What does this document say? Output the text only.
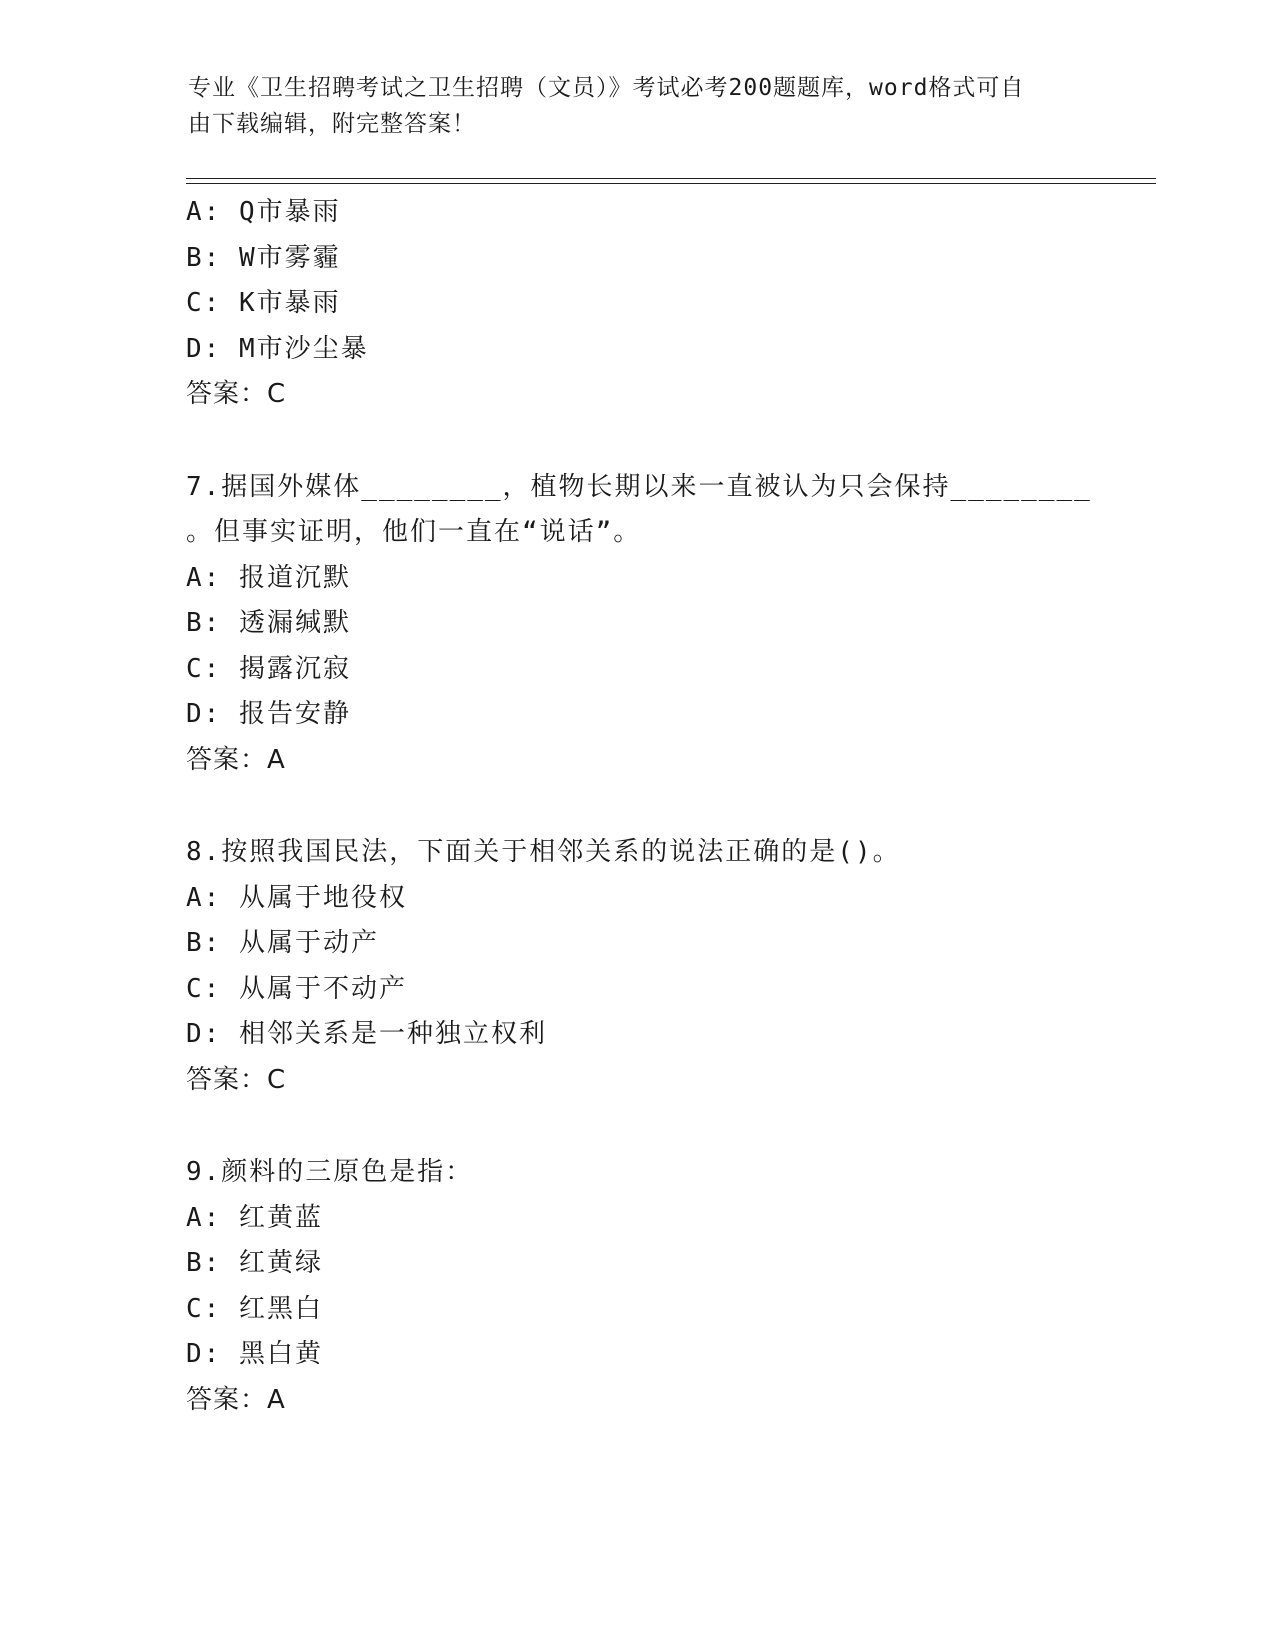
专业《卫生招聘考试之卫生招聘（文员）》考试必考200题题库，word格式可自
由下载编辑，附完整答案！
A: Q市暴雨
B: W市雾霾
C: K市暴雨
D: M市沙尘暴
答案：C
7.据国外媒体________，植物长期以来一直被认为只会保持________
。但事实证明，他们一直在“说话”。
A: 报道沉默
B: 透漏缄默
C: 揭露沉寂
D: 报告安静
答案：A
8.按照我国民法，下面关于相邻关系的说法正确的是()。
A: 从属于地役权
B: 从属于动产
C: 从属于不动产
D: 相邻关系是一种独立权利
答案：C
9.颜料的三原色是指：
A: 红黄蓝
B: 红黄绿
C: 红黑白
D: 黑白黄
答案：A
